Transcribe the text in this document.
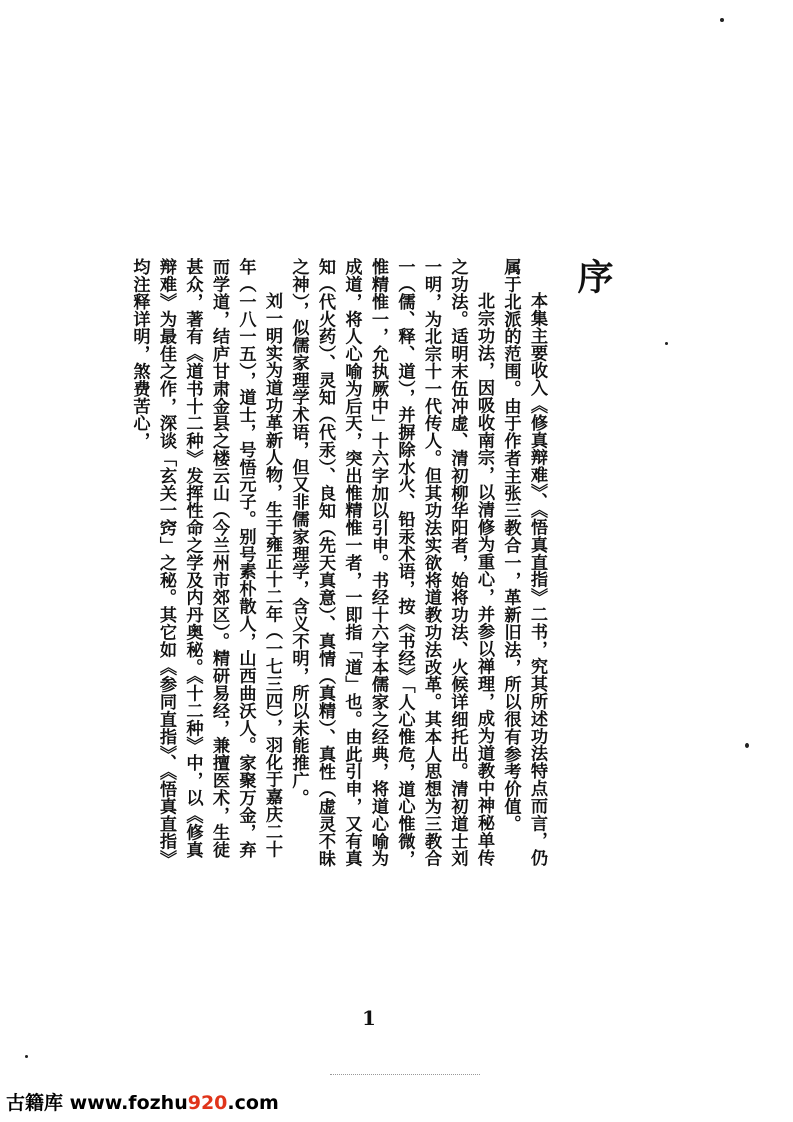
序

本集主要收入《修真辩难》、《悟真直指》二书，究其所述功法特点而言，仍属于北派的范围。由于作者主张三教合一，革新旧法，所以很有参考价值。

北宗功法，因吸收南宗，以清修为重心，并参以禅理，成为道教中神秘单传之功法。适明末伍冲虚、清初柳华阳者，始将功法、火候详细托出。清初道士刘一明，为北宗十一代传人。但其功法实欲将道教功法改革。其本人思想为三教合一（儒、释、道），并摒除水火、铅汞术语，按《书经》「人心惟危，道心惟微，惟精惟一，允执厥中」十六字加以引申。书经十六字本儒家之经典，将道心喻为成道，将人心喻为后天，突出惟精惟一者，一即指「道」也。由此引申，又有真知（代火药）、灵知（代汞）、良知（先天真意）、真情（真精）、真性（虚灵不昧之神），似儒家理学术语，但又非儒家理学，含义不明，所以未能推广。

刘一明实为道功革新人物，生于雍正十二年（一七三四），羽化于嘉庆二十年（一八一五），道士，号悟元子。别号素朴散人，山西曲沃人。家聚万金，弃而学道，结庐甘肃金县之楼云山（今兰州市郊区）。精研易经，兼擅医术，生徒甚众，著有《道书十二种》发挥性命之学及内丹奥秘。《十二种》中，以《修真辩难》为最佳之作，深谈「玄关一窍」之秘。其它如《参同直指》、《悟真直指》均注释详明，煞费苦心，

1
古籍库 www.fozhu920.com
